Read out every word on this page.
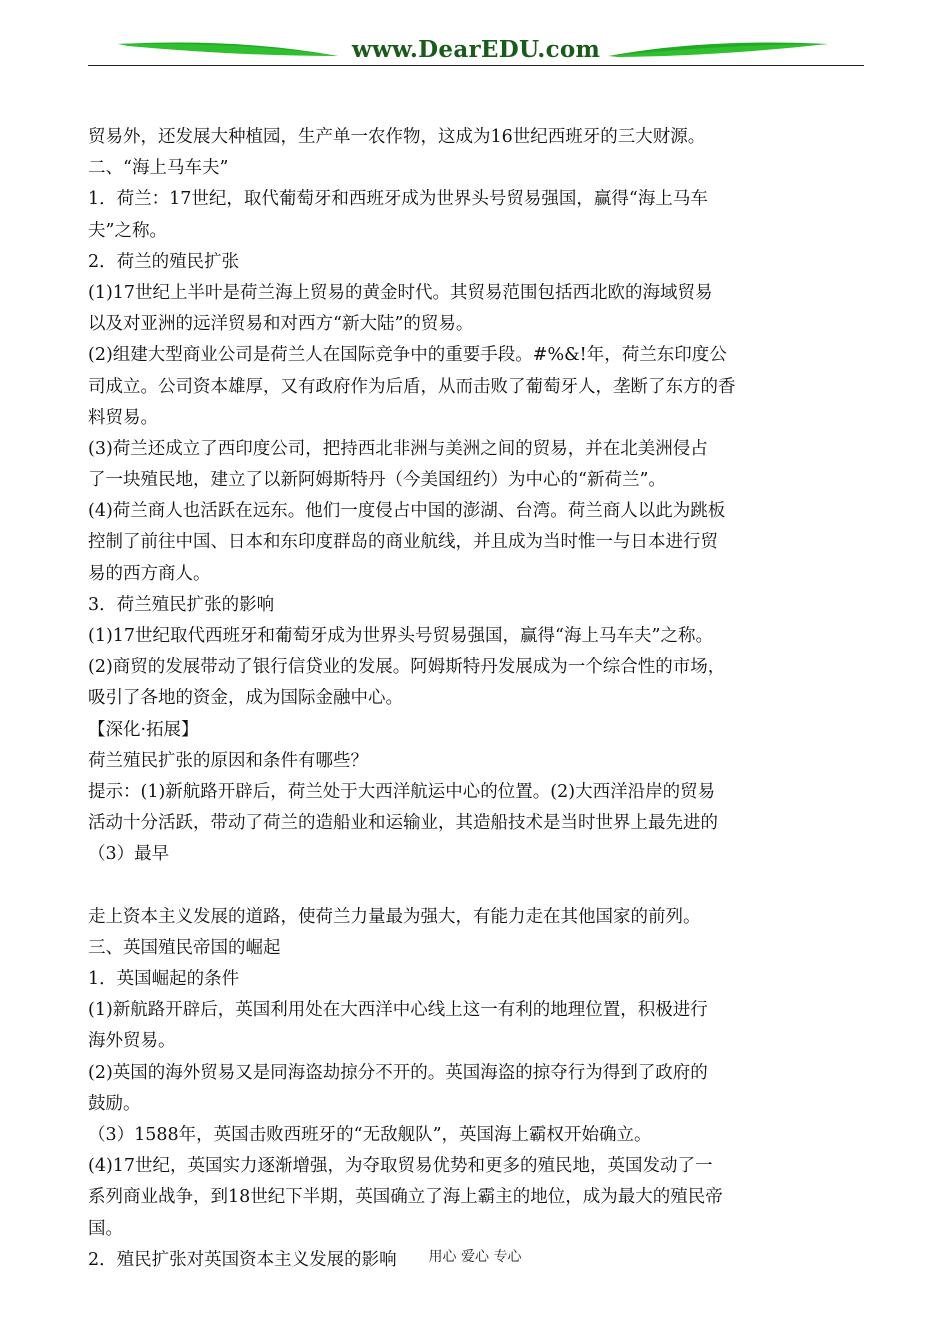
www.DearEDU.com
贸易外，还发展大种植园，生产单一农作物，这成为16世纪西班牙的三大财源。
二、“海上马车夫”
1．荷兰：17世纪，取代葡萄牙和西班牙成为世界头号贸易强国，赢得“海上马车
夫”之称。
2．荷兰的殖民扩张
(1)17世纪上半叶是荷兰海上贸易的黄金时代。其贸易范围包括西北欧的海域贸易
以及对亚洲的远洋贸易和对西方“新大陆”的贸易。
(2)组建大型商业公司是荷兰人在国际竞争中的重要手段。#%&!年，荷兰东印度公
司成立。公司资本雄厚，又有政府作为后盾，从而击败了葡萄牙人，垄断了东方的香
料贸易。
(3)荷兰还成立了西印度公司，把持西北非洲与美洲之间的贸易，并在北美洲侵占
了一块殖民地，建立了以新阿姆斯特丹（今美国纽约）为中心的“新荷兰”。
(4)荷兰商人也活跃在远东。他们一度侵占中国的澎湖、台湾。荷兰商人以此为跳板
控制了前往中国、日本和东印度群岛的商业航线，并且成为当时惟一与日本进行贸
易的西方商人。
3．荷兰殖民扩张的影响
(1)17世纪取代西班牙和葡萄牙成为世界头号贸易强国，赢得“海上马车夫”之称。
(2)商贸的发展带动了银行信贷业的发展。阿姆斯特丹发展成为一个综合性的市场，
吸引了各地的资金，成为国际金融中心。
【深化·拓展】
荷兰殖民扩张的原因和条件有哪些？
提示：(1)新航路开辟后，荷兰处于大西洋航运中心的位置。(2)大西洋沿岸的贸易
活动十分活跃，带动了荷兰的造船业和运输业，其造船技术是当时世界上最先进的
（3）最早
走上资本主义发展的道路，使荷兰力量最为强大，有能力走在其他国家的前列。
三、英国殖民帝国的崛起
1．英国崛起的条件
(1)新航路开辟后，英国利用处在大西洋中心线上这一有利的地理位置，积极进行
海外贸易。
(2)英国的海外贸易又是同海盗劫掠分不开的。英国海盗的掠夺行为得到了政府的
鼓励。
（3）1588年，英国击败西班牙的“无敌舰队”，英国海上霸权开始确立。
(4)17世纪，英国实力逐渐增强，为夺取贸易优势和更多的殖民地，英国发动了一
系列商业战争，到18世纪下半期，英国确立了海上霸主的地位，成为最大的殖民帝
国。
2．殖民扩张对英国资本主义发展的影响	用心 爱心 专心
